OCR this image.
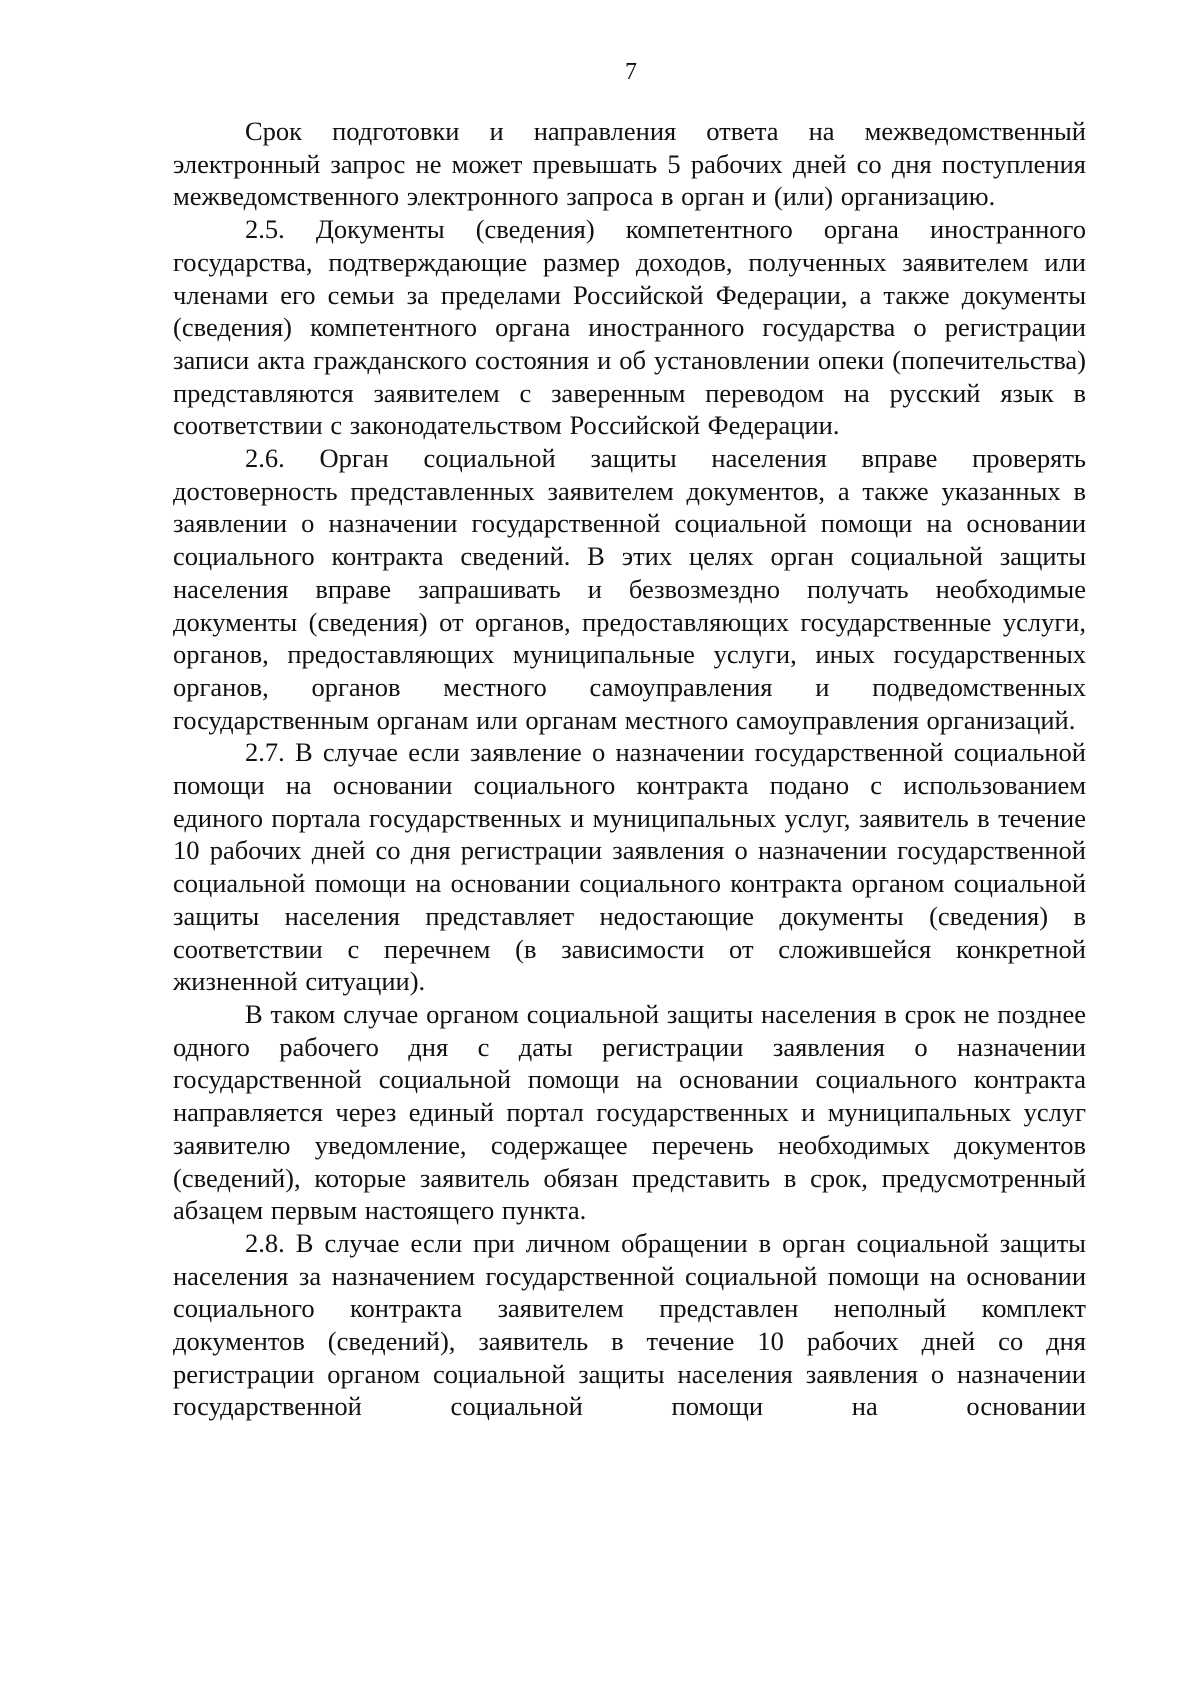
7

Срок подготовки и направления ответа на межведомственный электронный запрос не может превышать 5 рабочих дней со дня поступления межведомственного электронного запроса в орган и (или) организацию.

2.5. Документы (сведения) компетентного органа иностранного государства, подтверждающие размер доходов, полученных заявителем или членами его семьи за пределами Российской Федерации, а также документы (сведения) компетентного органа иностранного государства о регистрации записи акта гражданского состояния и об установлении опеки (попечительства) представляются заявителем с заверенным переводом на русский язык в соответствии с законодательством Российской Федерации.

2.6. Орган социальной защиты населения вправе проверять достоверность представленных заявителем документов, а также указанных в заявлении о назначении государственной социальной помощи на основании социального контракта сведений. В этих целях орган социальной защиты населения вправе запрашивать и безвозмездно получать необходимые документы (сведения) от органов, предоставляющих государственные услуги, органов, предоставляющих муниципальные услуги, иных государственных органов, органов местного самоуправления и подведомственных государственным органам или органам местного самоуправления организаций.

2.7. В случае если заявление о назначении государственной социальной помощи на основании социального контракта подано с использованием единого портала государственных и муниципальных услуг, заявитель в течение 10 рабочих дней со дня регистрации заявления о назначении государственной социальной помощи на основании социального контракта органом социальной защиты населения представляет недостающие документы (сведения) в соответствии с перечнем (в зависимости от сложившейся конкретной жизненной ситуации).

В таком случае органом социальной защиты населения в срок не позднее одного рабочего дня с даты регистрации заявления о назначении государственной социальной помощи на основании социального контракта направляется через единый портал государственных и муниципальных услуг заявителю уведомление, содержащее перечень необходимых документов (сведений), которые заявитель обязан представить в срок, предусмотренный абзацем первым настоящего пункта.

2.8. В случае если при личном обращении в орган социальной защиты населения за назначением государственной социальной помощи на основании социального контракта заявителем представлен неполный комплект документов (сведений), заявитель в течение 10 рабочих дней со дня регистрации органом социальной защиты населения заявления о назначении государственной социальной помощи на основании
